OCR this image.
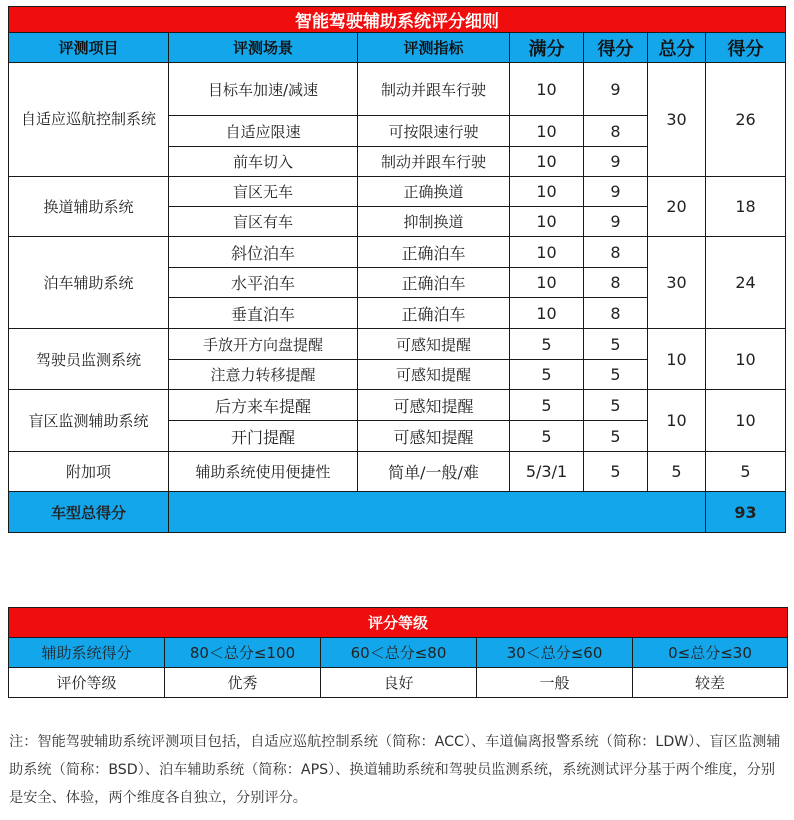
智能驾驶辅助系统评分细则						
评测项目	评测场景	评测指标	满分	得分	总分	得分
自适应巡航控制系统	目标车加速/减速	制动并跟车行驶	10	9	30	26
	自适应限速	可按限速行驶	10	8		
	前车切入	制动并跟车行驶	10	9		
换道辅助系统	盲区无车	正确换道	10	9	20	18
	盲区有车	抑制换道	10	9		
泊车辅助系统	斜位泊车	正确泊车	10	8	30	24
	水平泊车	正确泊车	10	8		
	垂直泊车	正确泊车	10	8		
驾驶员监测系统	手放开方向盘提醒	可感知提醒	5	5	10	10
	注意力转移提醒	可感知提醒	5	5		
盲区监测辅助系统	后方来车提醒	可感知提醒	5	5	10	10
	开门提醒	可感知提醒	5	5		
附加项	辅助系统使用便捷性	简单/一般/难	5/3/1	5	5	5
车型总得分						93
评分等级				
辅助系统得分	80＜总分≤100	60＜总分≤80	30＜总分≤60	0≤总分≤30
评价等级	优秀	良好	一般	较差
注：智能驾驶辅助系统评测项目包括，自适应巡航控制系统（简称：ACC）、车道偏离报警系统（简称：LDW）、盲区监测辅助系统（简称：BSD）、泊车辅助系统（简称：APS）、换道辅助系统和驾驶员监测系统，系统测试评分基于两个维度，分别是安全、体验，两个维度各自独立，分别评分。
